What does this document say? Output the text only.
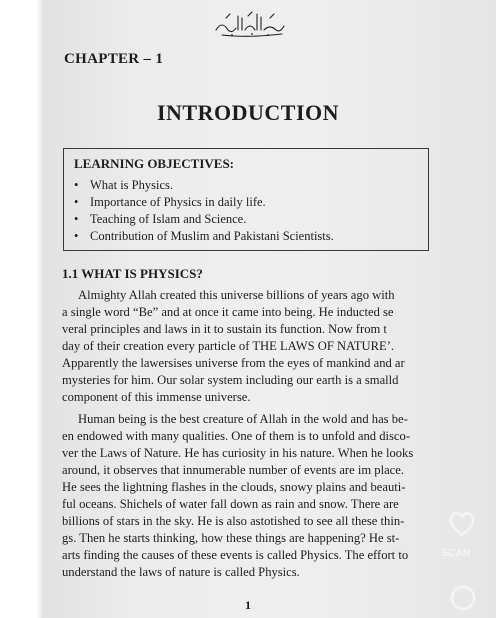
CHAPTER – 1
INTRODUCTION
LEARNING OBJECTIVES:
• What is Physics.
• Importance of Physics in daily life.
• Teaching of Islam and Science.
• Contribution of Muslim and Pakistani Scientists.
1.1 WHAT IS PHYSICS?
Almighty Allah created this universe billions of years ago with
a single word “Be” and at once it came into being. He inducted se
veral principles and laws in it to sustain its function. Now from t
day of their creation every particle of THE LAWS OF NATURE’.
Apparently the lawersises universe from the eyes of mankind and ar
mysteries for him. Our solar system including our earth is a smalld
component of this immense universe.
Human being is the best creature of Allah in the wold and has be-
en endowed with many qualities. One of them is to unfold and disco-
ver the Laws of Nature. He has curiosity in his nature. When he looks
around, it observes that innumerable number of events are im place.
He sees the lightning flashes in the clouds, snowy plains and beauti-
ful oceans. Shichels of water fall down as rain and snow. There are
billions of stars in the sky. He is also astotished to see all these thin-
gs. Then he starts thinking, how these things are happening? He st-
arts finding the causes of these events is called Physics. The effort to
understand the laws of nature is called Physics.
1
SCAN
